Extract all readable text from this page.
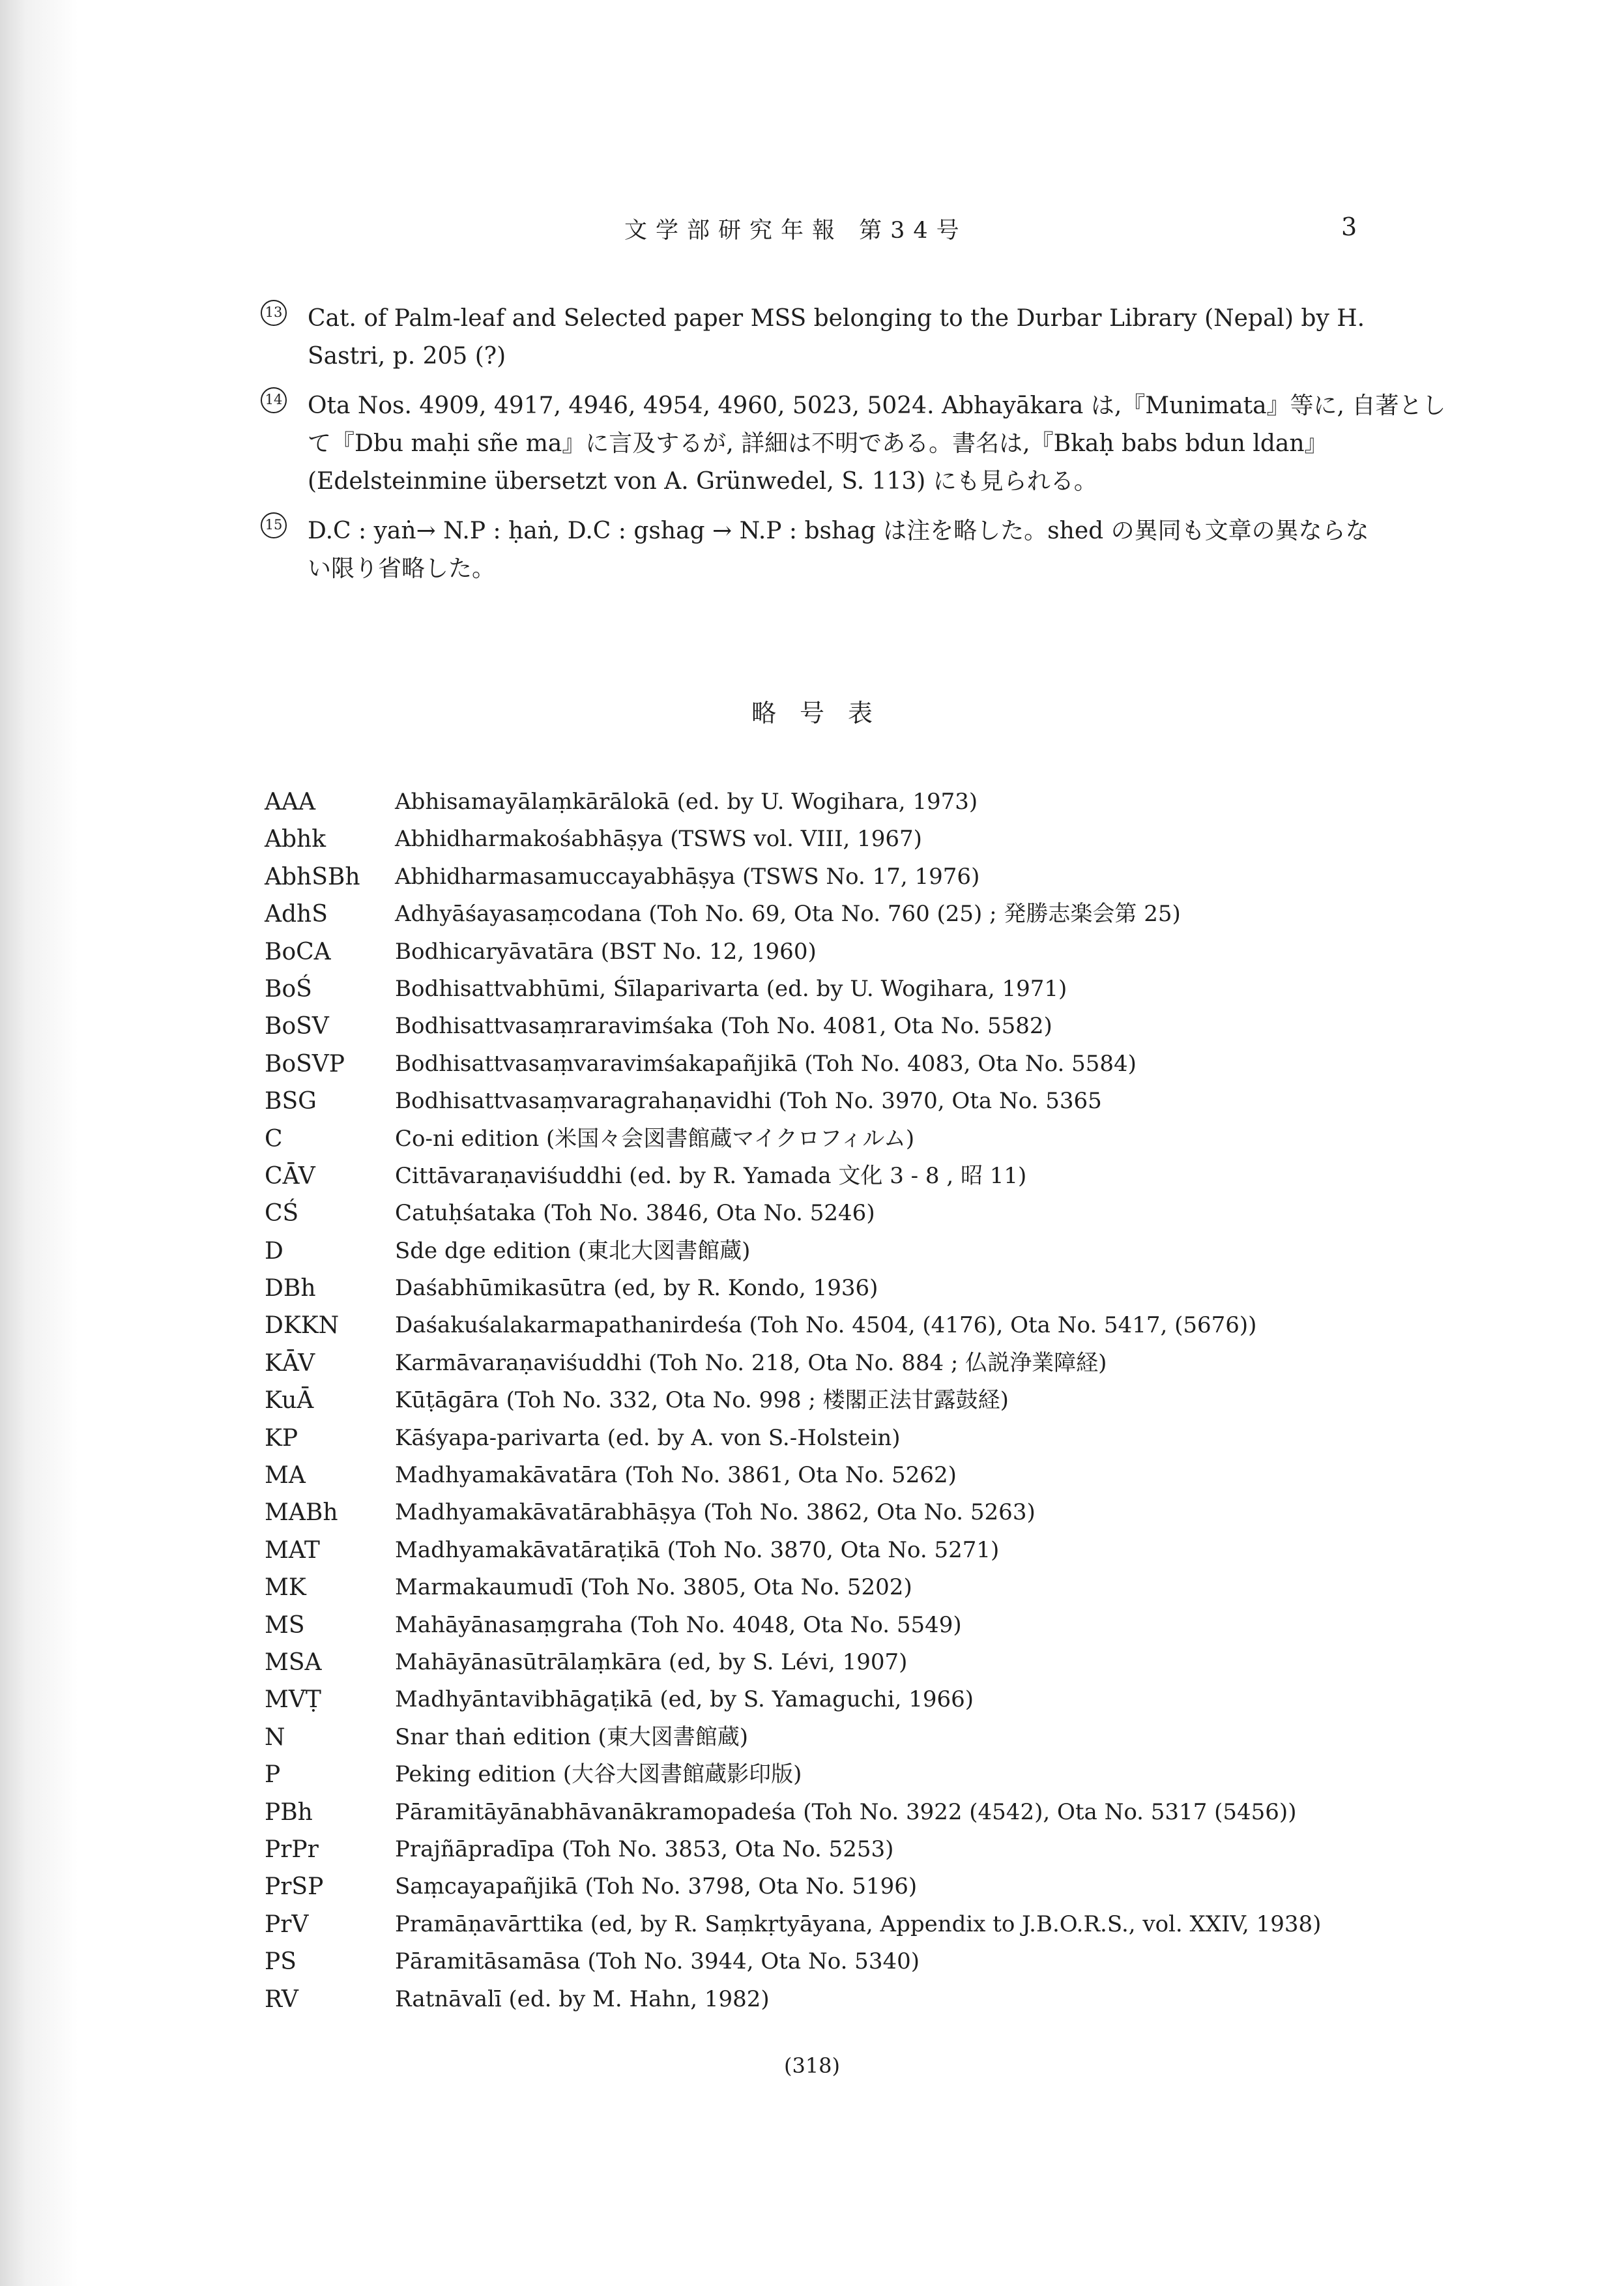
文学部研究年報 第34号	3
13	Cat. of Palm-leaf and Selected paper MSS belonging to the Durbar Library (Nepal) by H.
Sastri, p. 205 (?)
14	Ota Nos. 4909, 4917, 4946, 4954, 4960, 5023, 5024. Abhayākara は,『Munimata』等に, 自著とし
て『Dbu maḥi sñe ma』に言及するが, 詳細は不明である。書名は,『Bkaḥ babs bdun ldan』
(Edelsteinmine übersetzt von A. Grünwedel, S. 113) にも見られる。
15	D.C : yaṅ→ N.P : ḥaṅ, D.C : gshag → N.P : bshag は注を略した。shed の異同も文章の異ならな
い限り省略した。
略号表
AAA	Abhisamayālaṃkārālokā (ed. by U. Wogihara, 1973)
Abhk	Abhidharmakośabhāṣya (TSWS vol. VIII, 1967)
AbhSBh Abhidharmasamuccayabhāṣya (TSWS No. 17, 1976)
AdhS	Adhyāśayasaṃcodana (Toh No. 69, Ota No. 760 (25) ; 発勝志楽会第 25)
BoCA	Bodhicaryāvatāra (BST No. 12, 1960)
BoŚ	Bodhisattvabhūmi, Śīlaparivarta (ed. by U. Wogihara, 1971)
BoSV	Bodhisattvasaṃraravimśaka (Toh No. 4081, Ota No. 5582)
BoSVP Bodhisattvasaṃvaravimśakapañjikā (Toh No. 4083, Ota No. 5584)
BSG	Bodhisattvasaṃvaragrahaṇavidhi (Toh No. 3970, Ota No. 5365
C	Co-ni edition (米国々会図書館蔵マイクロフィルム)
CĀV	Cittāvaraṇaviśuddhi (ed. by R. Yamada 文化 3 - 8 , 昭 11)
CŚ	Catuḥśataka (Toh No. 3846, Ota No. 5246)
D	Sde dge edition (東北大図書館蔵)
DBh	Daśabhūmikasūtra (ed, by R. Kondo, 1936)
DKKN	Daśakuśalakarmapathanirdeśa (Toh No. 4504, (4176), Ota No. 5417, (5676))
KĀV	Karmāvaraṇaviśuddhi (Toh No. 218, Ota No. 884 ; 仏説浄業障経)
KuĀ	Kūṭāgāra (Toh No. 332, Ota No. 998 ; 楼閣正法甘露鼓経)
KP	Kāśyapa-parivarta (ed. by A. von S.-Holstein)
MA	Madhyamakāvatāra (Toh No. 3861, Ota No. 5262)
MABh	Madhyamakāvatārabhāṣya (Toh No. 3862, Ota No. 5263)
MAT	Madhyamakāvatāraṭikā (Toh No. 3870, Ota No. 5271)
MK	Marmakaumudī (Toh No. 3805, Ota No. 5202)
MS	Mahāyānasaṃgraha (Toh No. 4048, Ota No. 5549)
MSA	Mahāyānasūtrālaṃkāra (ed, by S. Lévi, 1907)
MVṬ	Madhyāntavibhāgaṭikā (ed, by S. Yamaguchi, 1966)
N	Snar thaṅ edition (東大図書館蔵)
P	Peking edition (大谷大図書館蔵影印版)
PBh	Pāramitāyānabhāvanākramopadeśa (Toh No. 3922 (4542), Ota No. 5317 (5456))
PrPr	Prajñāpradīpa (Toh No. 3853, Ota No. 5253)
PrSP	Saṃcayapañjikā (Toh No. 3798, Ota No. 5196)
PrV	Pramāṇavārttika (ed, by R. Saṃkṛtyāyana, Appendix to J.B.O.R.S., vol. XXIV, 1938)
PS	Pāramitāsamāsa (Toh No. 3944, Ota No. 5340)
RV	Ratnāvalī (ed. by M. Hahn, 1982)
(318)
